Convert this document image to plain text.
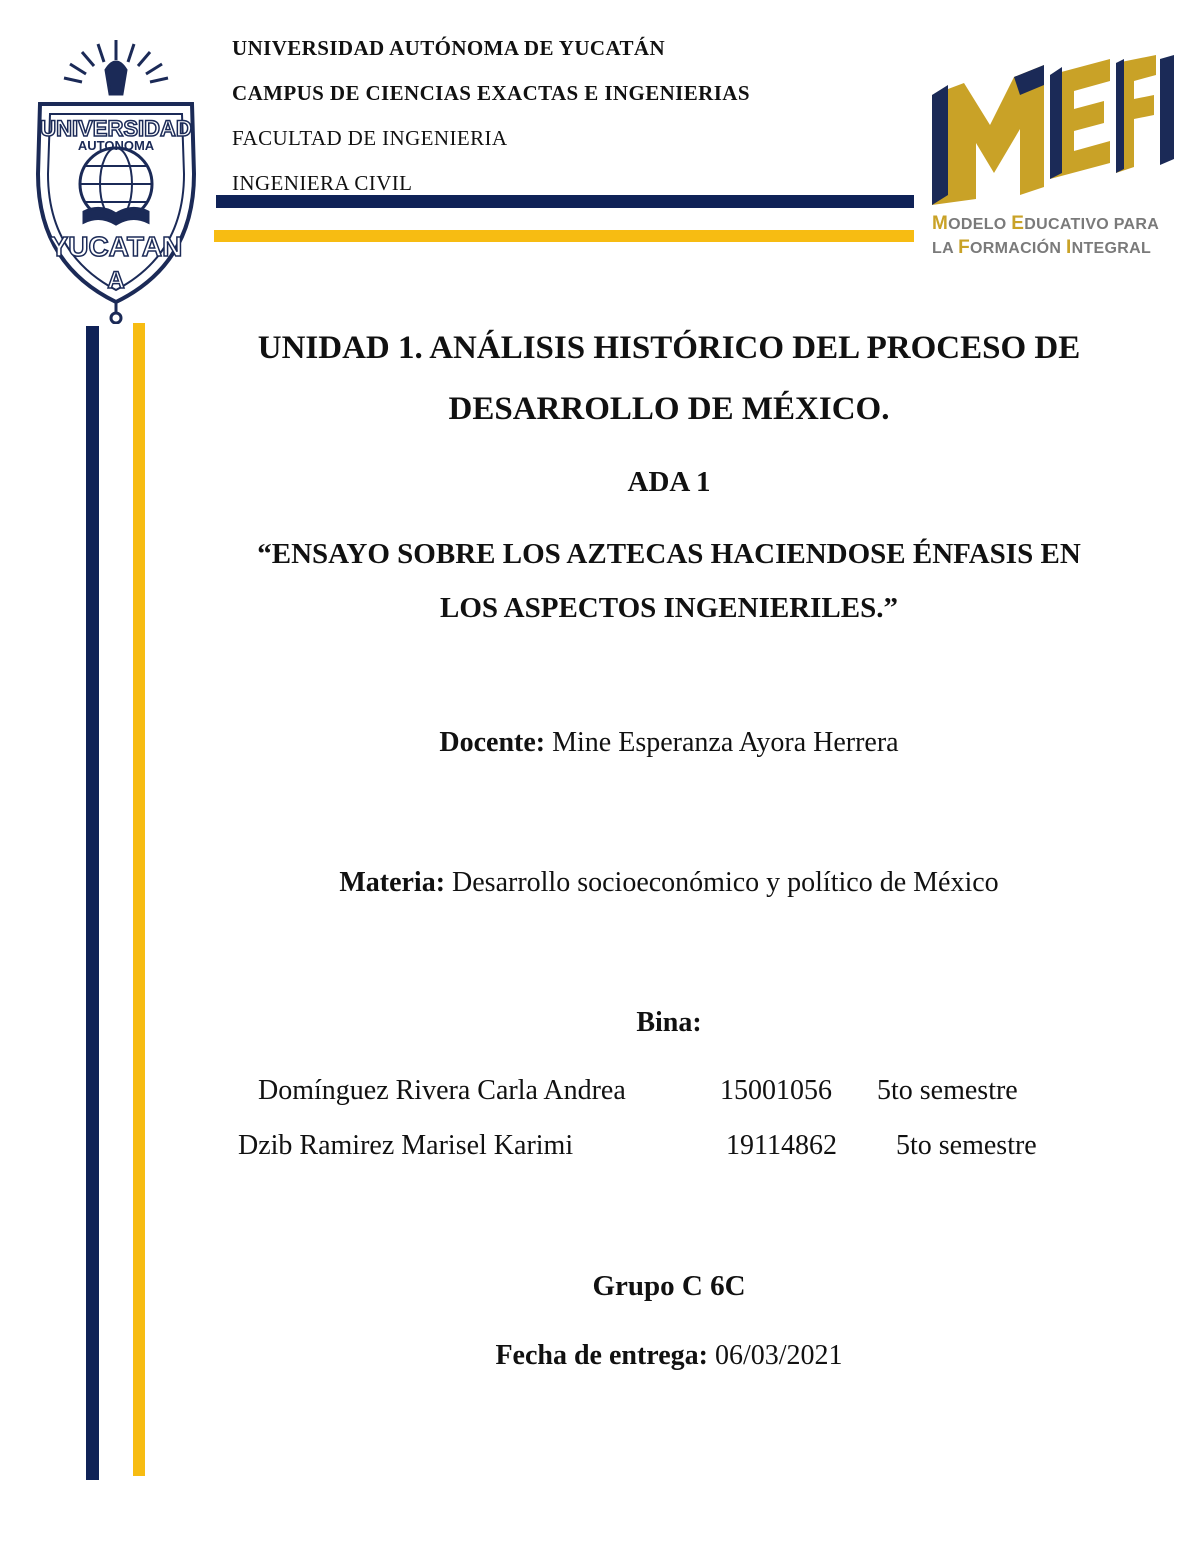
UNIVERSIDAD
AUTONOMA
YUCATAN
A
UNIVERSIDAD AUTÓNOMA DE YUCATÁN
CAMPUS DE CIENCIAS EXACTAS E INGENIERIAS
FACULTAD DE INGENIERIA
INGENIERA CIVIL
MODELO EDUCATIVO PARA
LA FORMACIÓN INTEGRAL
UNIDAD 1. ANÁLISIS HISTÓRICO DEL PROCESO DE
DESARROLLO DE MÉXICO.
ADA 1
“ENSAYO SOBRE LOS AZTECAS HACIENDOSE ÉNFASIS EN
LOS ASPECTOS INGENIERILES.”
Docente: Mine Esperanza Ayora Herrera
Materia: Desarrollo socioeconómico y político de México
Bina:
Domínguez Rivera Carla Andrea	15001056 5to semestre
Dzib Ramirez Marisel Karimi	19114862 5to semestre
Grupo C 6C
Fecha de entrega: 06/03/2021
